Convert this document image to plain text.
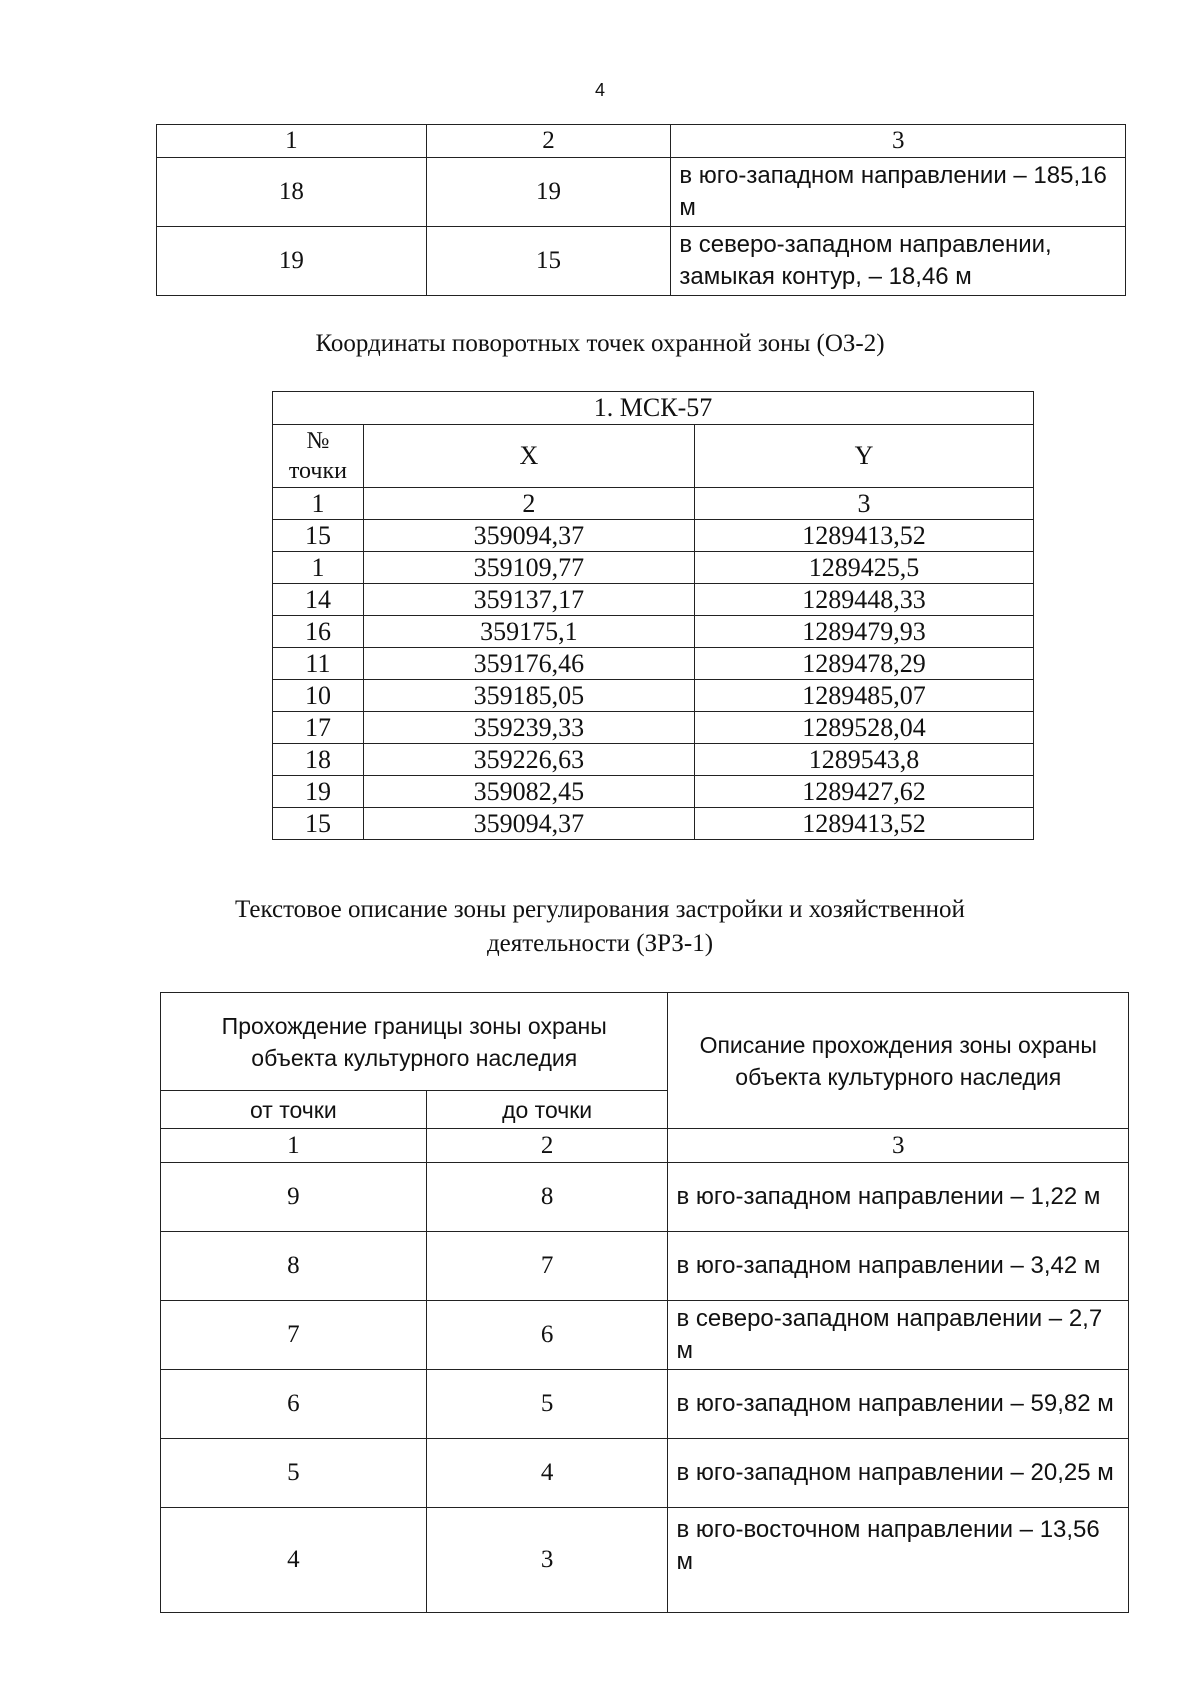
4
1	2	3
18	19	в юго-западном направлении – 185,16 м
19	15	в северо-западном направлении, замыкая контур, – 18,46 м
Координаты поворотных точек охранной зоны (ОЗ-2)
1. МСК-57		
№ точки	X	Y
1	2	3
15	359094,37	1289413,52
1	359109,77	1289425,5
14	359137,17	1289448,33
16	359175,1	1289479,93
11	359176,46	1289478,29
10	359185,05	1289485,07
17	359239,33	1289528,04
18	359226,63	1289543,8
19	359082,45	1289427,62
15	359094,37	1289413,52
Текстовое описание зоны регулирования застройки и хозяйственной деятельности (ЗРЗ-1)
Прохождение границы зоны охраны объекта культурного наследия		Описание прохождения зоны охраны объекта культурного наследия
от точки	до точки	
1	2	3
9	8	в юго-западном направлении – 1,22 м
8	7	в юго-западном направлении – 3,42 м
7	6	в северо-западном направлении – 2,7 м
6	5	в юго-западном направлении – 59,82 м
5	4	в юго-западном направлении – 20,25 м
4	3	в юго-восточном направлении – 13,56 м
